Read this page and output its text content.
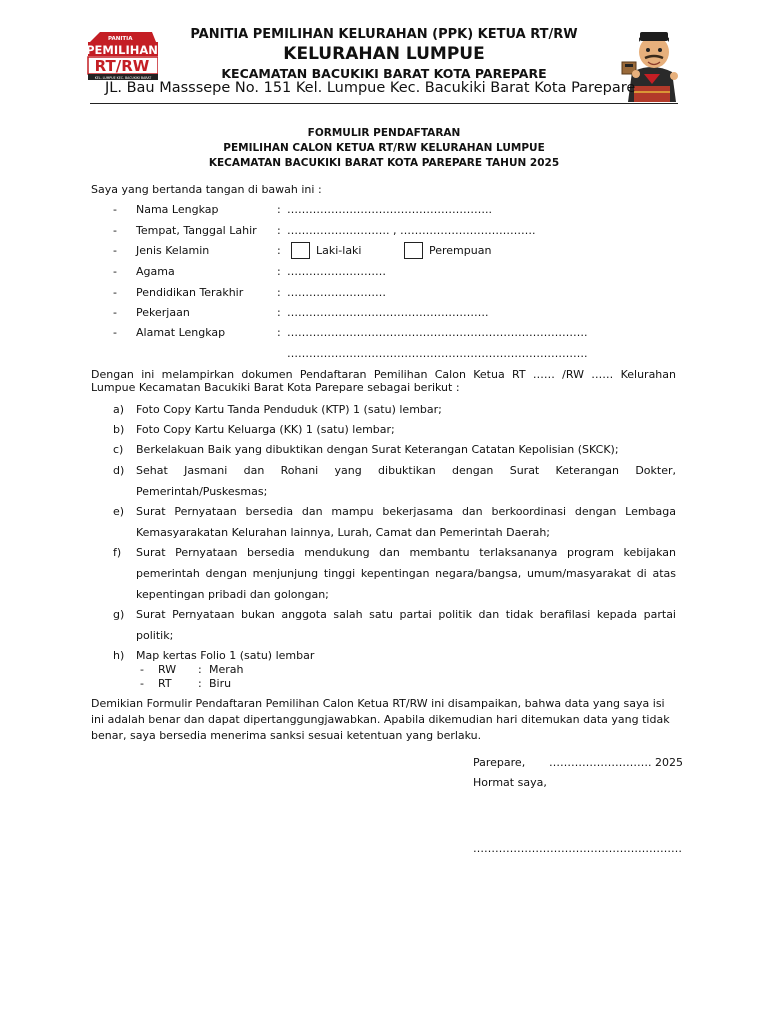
PANITIA
PEMILIHAN
RT/RW
KEL. LUMPUE KEC. BACUKIKI BARAT
PANITIA PEMILIHAN KELURAHAN (PPK) KETUA RT/RW
KELURAHAN LUMPUE
KECAMATAN BACUKIKI BARAT KOTA PAREPARE
JL. Bau Masssepe No. 151 Kel. Lumpue Kec. Bacukiki Barat Kota Parepare
FORMULIR PENDAFTARAN
PEMILIHAN CALON KETUA RT/RW KELURAHAN LUMPUE
KECAMATAN BACUKIKI BARAT KOTA PAREPARE TAHUN 2025
Saya yang bertanda tangan di bawah ini :
- Nama Lengkap	: ………………………………………………..
- Tempat, Tanggal Lahir : ………………………. , ……………………………….
- Jenis Kelamin	:	Laki-laki	Perempuan
- Agama	: ………………………
- Pendidikan Terakhir	: ………………………
- Pekerjaan	: ……………………………………………….
- Alamat Lengkap	: ……………………………………………………………………….
……………………………………………………………………….
Dengan ini melampirkan dokumen Pendaftaran Pemilihan Calon Ketua RT …… /RW …… Kelurahan
Lumpue Kecamatan Bacukiki Barat Kota Parepare sebagai berikut :
a) Foto Copy Kartu Tanda Penduduk (KTP) 1 (satu) lembar;
b) Foto Copy Kartu Keluarga (KK) 1 (satu) lembar;
c) Berkelakuan Baik yang dibuktikan dengan Surat Keterangan Catatan Kepolisian (SKCK);
d) Sehat Jasmani dan Rohani yang dibuktikan dengan Surat Keterangan Dokter,
Pemerintah/Puskesmas;
e) Surat Pernyataan bersedia dan mampu bekerjasama dan berkoordinasi dengan Lembaga
Kemasyarakatan Kelurahan lainnya, Lurah, Camat dan Pemerintah Daerah;
f) Surat Pernyataan bersedia mendukung dan membantu terlaksananya program kebijakan
pemerintah dengan menjunjung tinggi kepentingan negara/bangsa, umum/masyarakat di atas
kepentingan pribadi dan golongan;
g) Surat Pernyataan bukan anggota salah satu partai politik dan tidak berafilasi kepada partai
politik;
h) Map kertas Folio 1 (satu) lembar
- RW : Merah
- RT : Biru
Demikian Formulir Pendaftaran Pemilihan Calon Ketua RT/RW ini disampaikan, bahwa data yang saya isi
ini adalah benar dan dapat dipertanggungjawabkan. Apabila dikemudian hari ditemukan data yang tidak
benar, saya bersedia menerima sanksi sesuai ketentuan yang berlaku.
Parepare, ………………………. 2025
Hormat saya,
…………………………………………………
